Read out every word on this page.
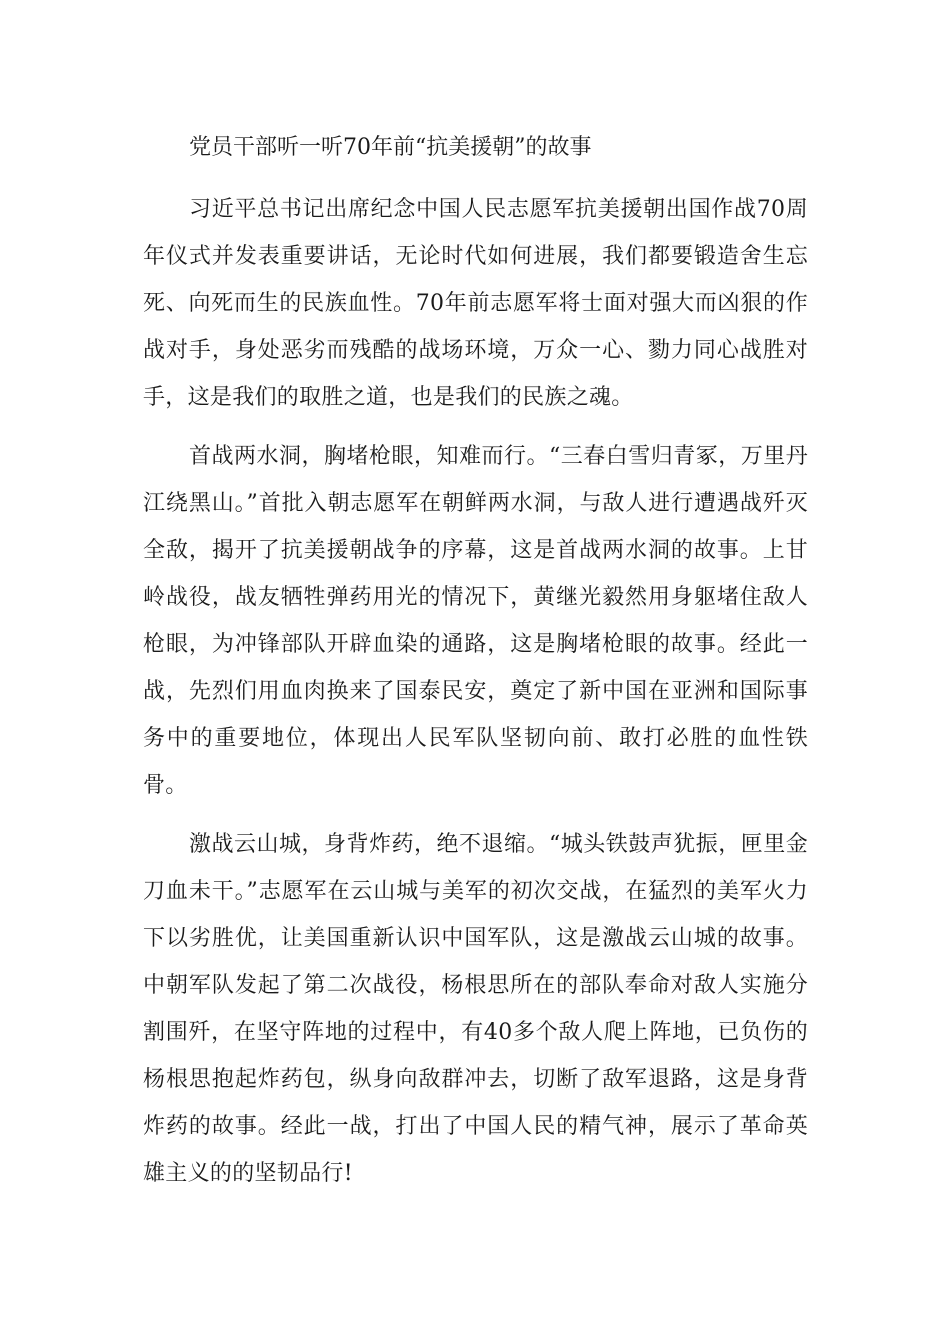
党员干部听一听70年前“抗美援朝”的故事

习近平总书记出席纪念中国人民志愿军抗美援朝出国作战70周年仪式并发表重要讲话，无论时代如何进展，我们都要锻造舍生忘死、向死而生的民族血性。70年前志愿军将士面对强大而凶狠的作战对手，身处恶劣而残酷的战场环境，万众一心、勠力同心战胜对手，这是我们的取胜之道，也是我们的民族之魂。

首战两水洞，胸堵枪眼，知难而行。“三春白雪归青冢，万里丹江绕黑山。”首批入朝志愿军在朝鲜两水洞，与敌人进行遭遇战歼灭全敌，揭开了抗美援朝战争的序幕，这是首战两水洞的故事。上甘岭战役，战友牺牲弹药用光的情况下，黄继光毅然用身躯堵住敌人枪眼，为冲锋部队开辟血染的通路，这是胸堵枪眼的故事。经此一战，先烈们用血肉换来了国泰民安，奠定了新中国在亚洲和国际事务中的重要地位，体现出人民军队坚韧向前、敢打必胜的血性铁骨。

激战云山城，身背炸药，绝不退缩。“城头铁鼓声犹振，匣里金刀血未干。”志愿军在云山城与美军的初次交战，在猛烈的美军火力下以劣胜优，让美国重新认识中国军队，这是激战云山城的故事。中朝军队发起了第二次战役，杨根思所在的部队奉命对敌人实施分割围歼，在坚守阵地的过程中，有40多个敌人爬上阵地，已负伤的杨根思抱起炸药包，纵身向敌群冲去，切断了敌军退路，这是身背炸药的故事。经此一战，打出了中国人民的精气神，展示了革命英雄主义的的坚韧品行!
